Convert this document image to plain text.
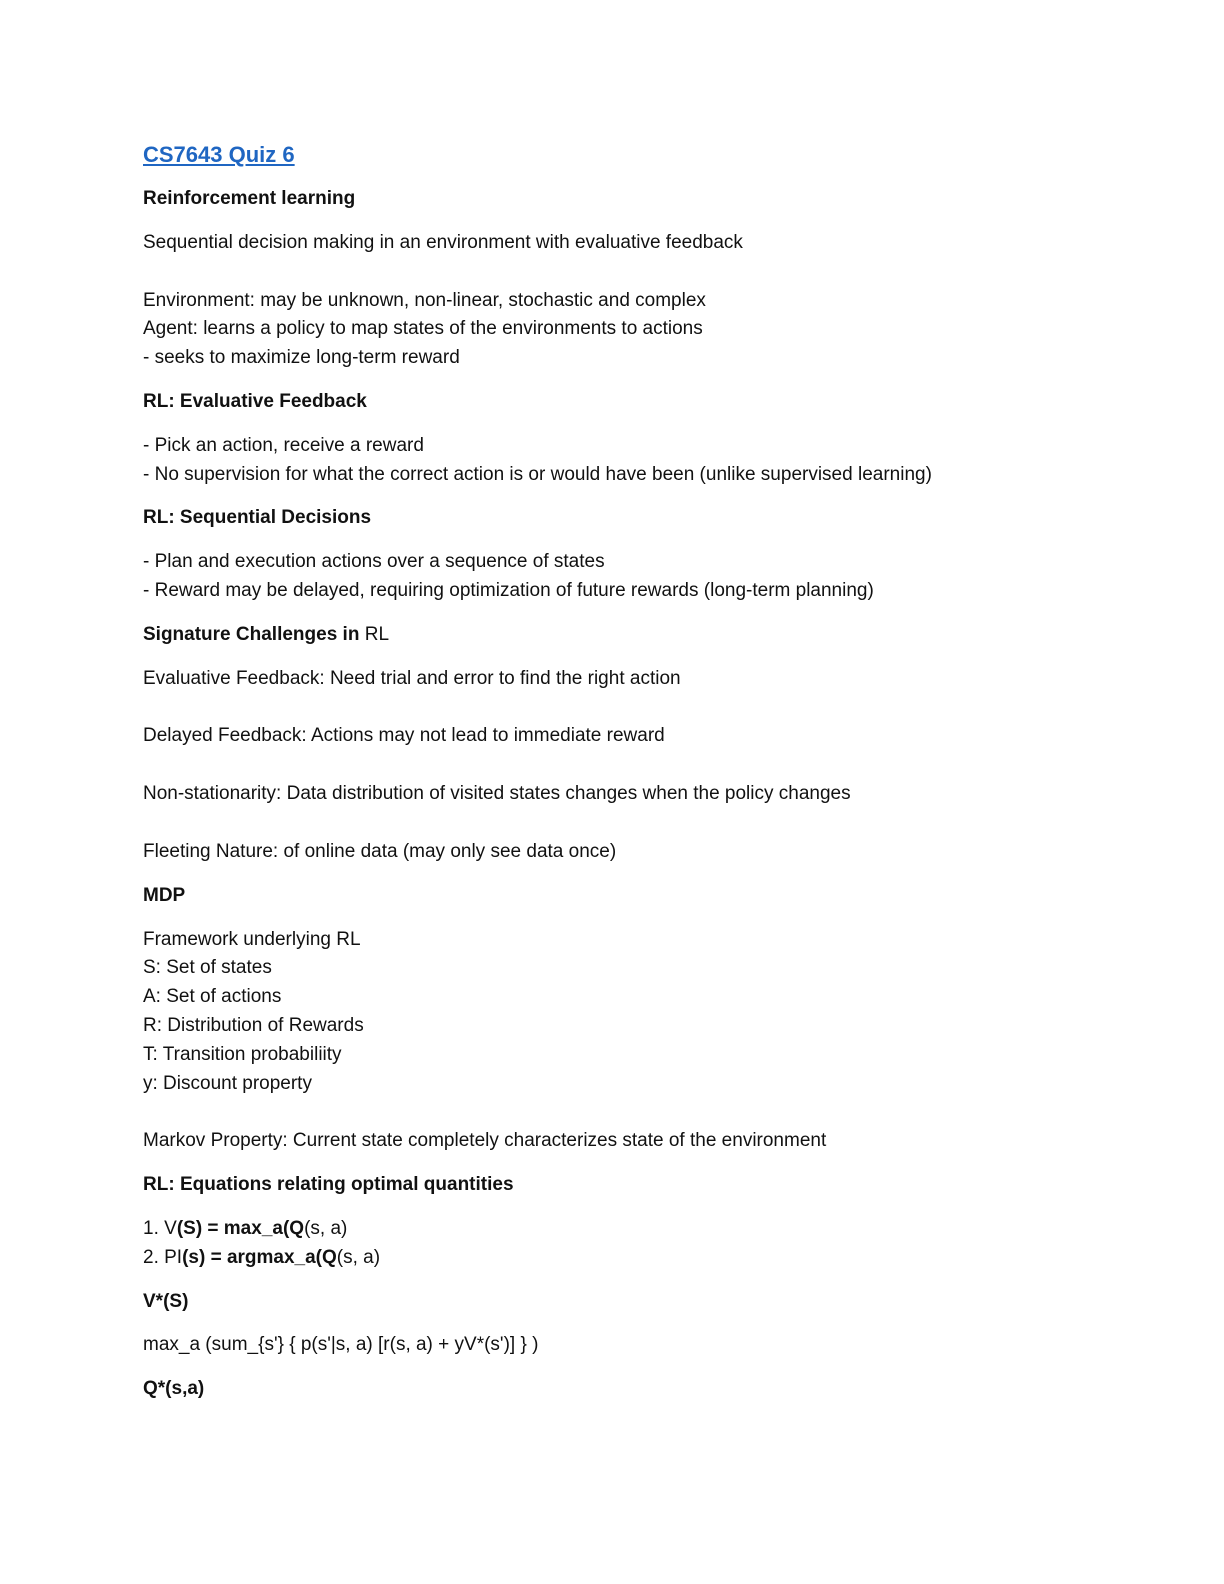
CS7643 Quiz 6
Reinforcement learning
Sequential decision making in an environment with evaluative feedback
Environment: may be unknown, non-linear, stochastic and complex
Agent: learns a policy to map states of the environments to actions
- seeks to maximize long-term reward
RL: Evaluative Feedback
- Pick an action, receive a reward
- No supervision for what the correct action is or would have been (unlike supervised learning)
RL: Sequential Decisions
- Plan and execution actions over a sequence of states
- Reward may be delayed, requiring optimization of future rewards (long-term planning)
Signature Challenges in RL
Evaluative Feedback: Need trial and error to find the right action
Delayed Feedback: Actions may not lead to immediate reward
Non-stationarity: Data distribution of visited states changes when the policy changes
Fleeting Nature: of online data (may only see data once)
MDP
Framework underlying RL
S: Set of states
A: Set of actions
R: Distribution of Rewards
T: Transition probabiliity
y: Discount property
Markov Property: Current state completely characterizes state of the environment
RL: Equations relating optimal quantities
1. V(S) = max_a(Q(s, a)
2. PI(s) = argmax_a(Q(s, a)
V*(S)
max_a (sum_{s'} { p(s'|s, a) [r(s, a) + yV*(s')] } )
Q*(s,a)
